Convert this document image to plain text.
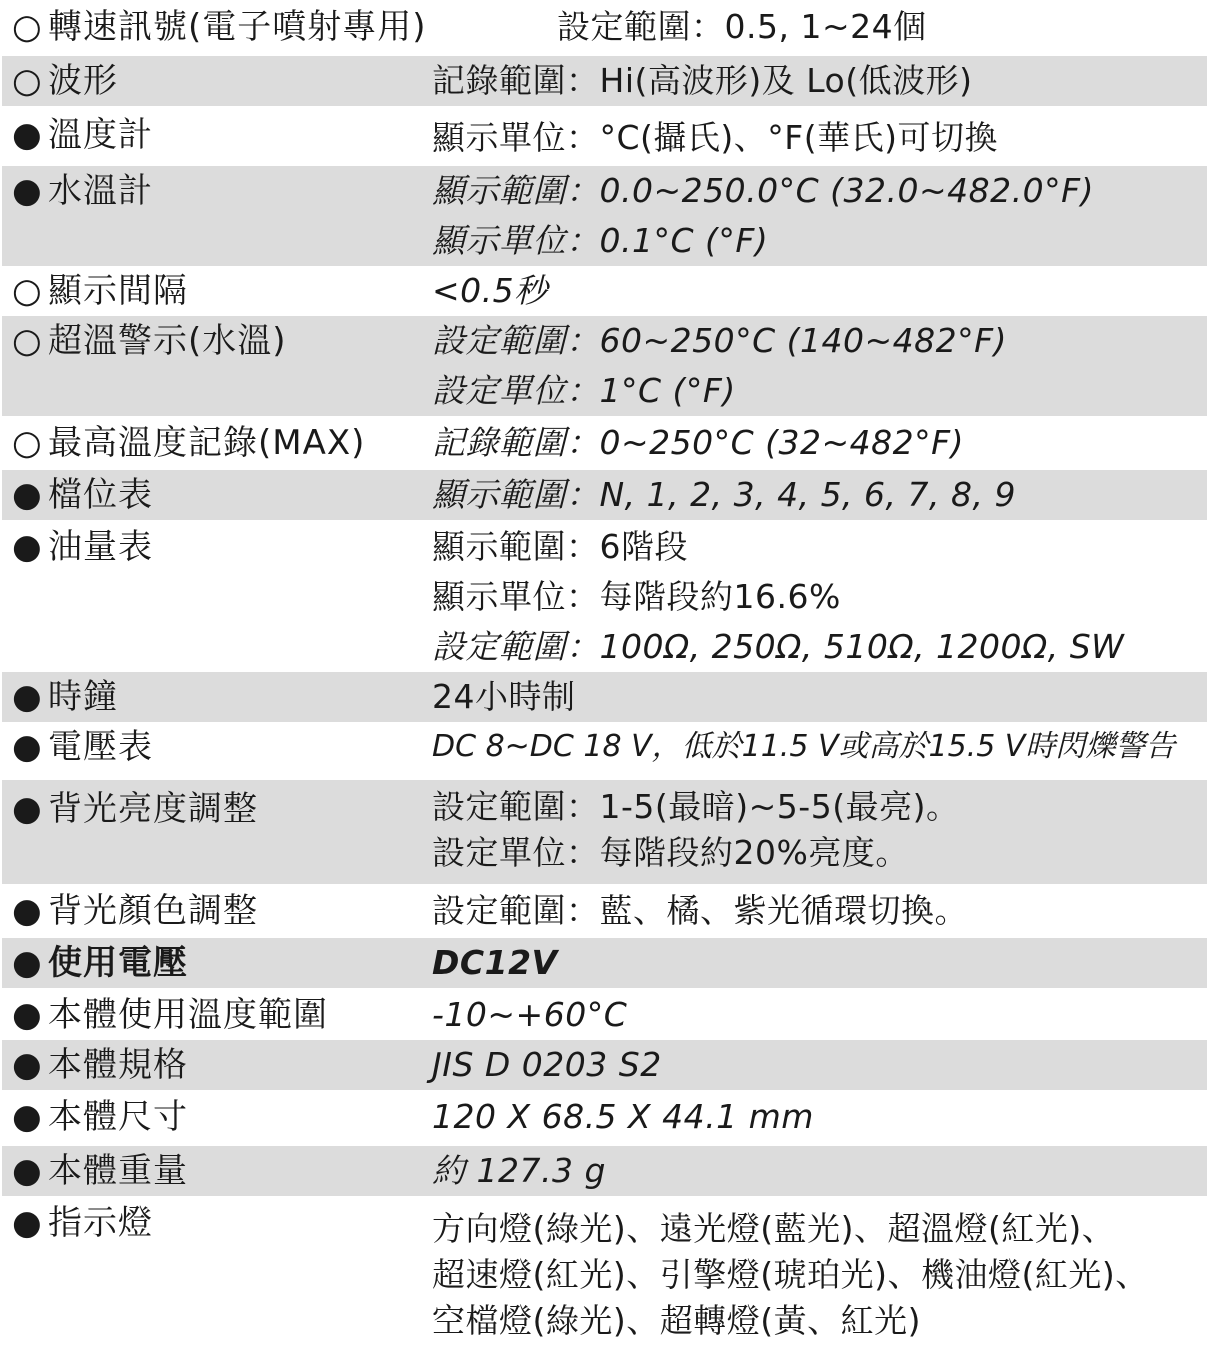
○ 轉速訊號(電子噴射專用)	設定範圍：0.5, 1~24個
○ 波形	記錄範圍：Hi(高波形)及 Lo(低波形)
● 溫度計	顯示單位：°C(攝氏)、°F(華氏)可切換
● 水溫計	顯示範圍：0.0~250.0°C (32.0~482.0°F)
顯示單位：0.1°C (°F)
○ 顯示間隔	<0.5秒
○ 超溫警示(水溫)	設定範圍：60~250°C (140~482°F)
設定單位：1°C (°F)
○ 最高溫度記錄(MAX) 記錄範圍：0~250°C (32~482°F)
● 檔位表	顯示範圍：N, 1, 2, 3, 4, 5, 6, 7, 8, 9
● 油量表	顯示範圍：6階段
顯示單位：每階段約16.6%
設定範圍：100Ω, 250Ω, 510Ω, 1200Ω, SW
● 時鐘	24小時制
● 電壓表	DC 8~DC 18 V，低於11.5 V或高於15.5 V時閃爍警告
● 背光亮度調整	設定範圍：1-5(最暗)~5-5(最亮)。
設定單位：每階段約20%亮度。
● 背光顏色調整	設定範圍：藍、橘、紫光循環切換。
● 使用電壓	DC12V
● 本體使用溫度範圍	-10~+60°C
● 本體規格	JIS D 0203 S2
● 本體尺寸	120 X 68.5 X 44.1 mm
● 本體重量	約 127.3 g
● 指示燈	方向燈(綠光)、遠光燈(藍光)、超溫燈(紅光)、
超速燈(紅光)、引擎燈(琥珀光)、機油燈(紅光)、
空檔燈(綠光)、超轉燈(黃、紅光)
